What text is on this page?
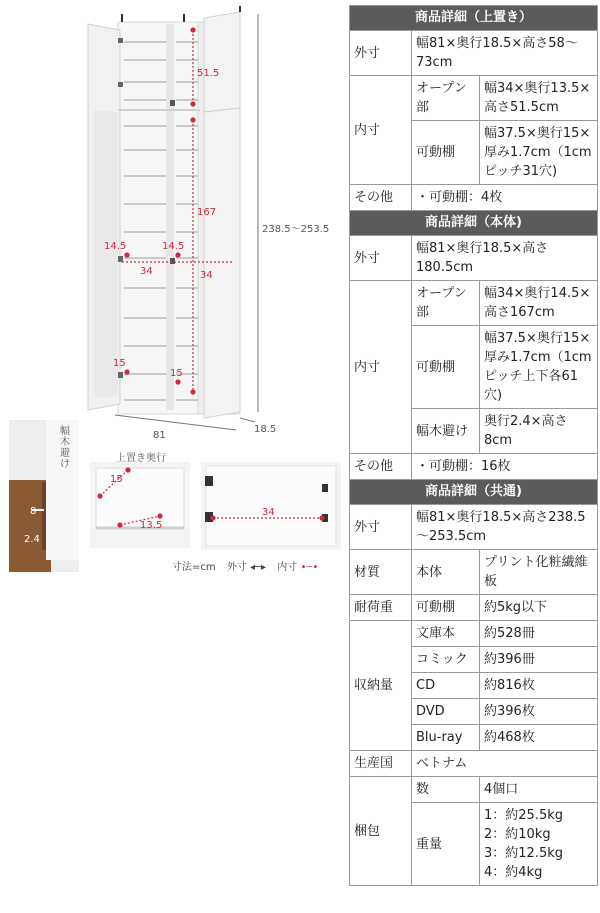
51.5
167
14.5	14.5
34	34
15
15
238.5～253.5
81
18.5
幅木避け
8
2.4
上置き奥行
15
13.5
34
寸法=cm 外寸 ◂─▸ 内寸 •┄•
商品詳細（上置き）		
外寸	幅81×奥行18.5×高さ58～73cm	
内寸	オープン部	幅34×奥行13.5×高さ51.5cm
	可動棚	幅37.5×奥行15×厚み1.7cm（1cmピッチ31穴)
その他	・可動棚：4枚	
商品詳細（本体)		
外寸	幅81×奥行18.5×高さ180.5cm	
内寸	オープン部	幅34×奥行14.5×高さ167cm
	可動棚	幅37.5×奥行15×厚み1.7cm（1cmピッチ上下各61穴)
	幅木避け	奥行2.4×高さ8cm
その他	・可動棚：16枚	
商品詳細（共通)		
外寸	幅81×奥行18.5×高さ238.5～253.5cm	
材質	本体	プリント化粧繊維板
耐荷重	可動棚	約5kg以下
収納量	文庫本	約528冊
	コミック	約396冊
	CD	約816枚
	DVD	約396枚
	Blu-ray	約468枚
生産国	ベトナム	
梱包	数	4個口
	重量	1：約25.5kg
2：約10kg
3：約12.5kg
4：約4kg
